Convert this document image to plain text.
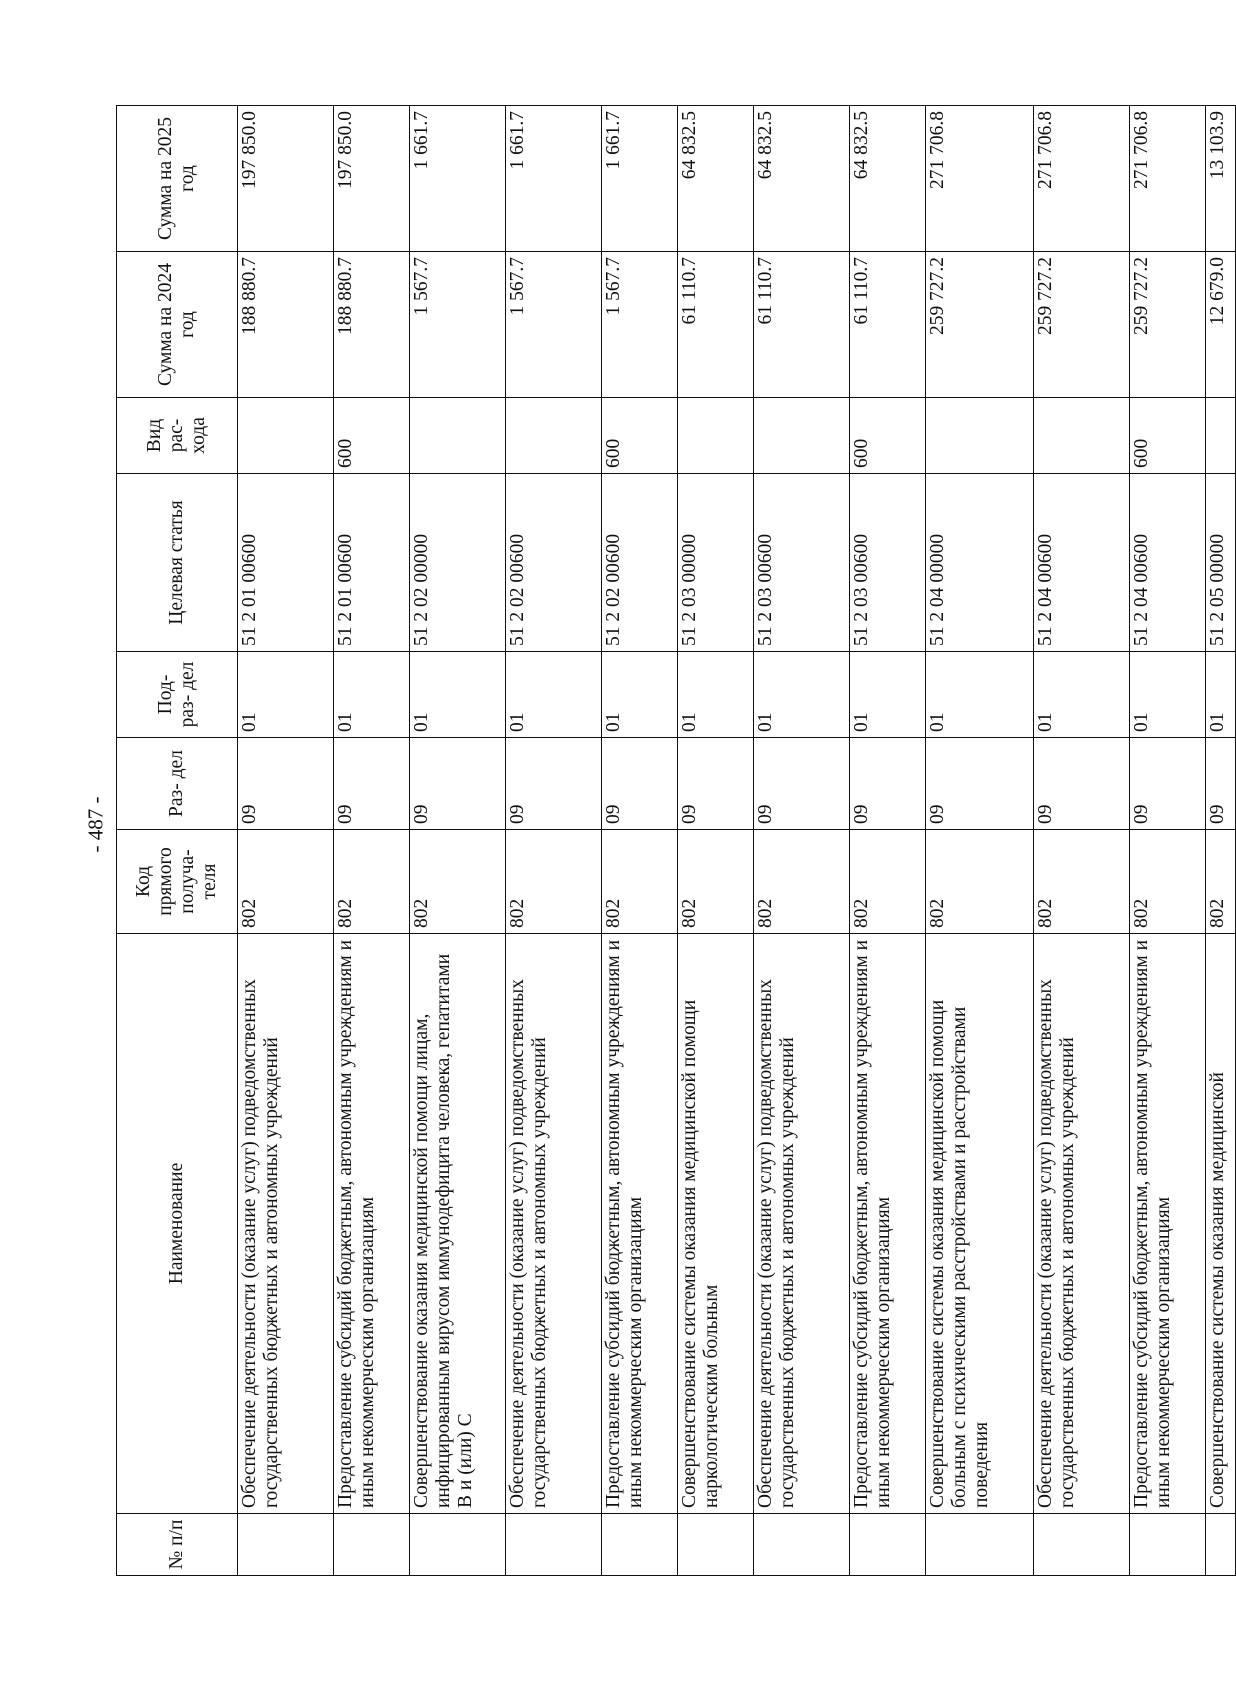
- 487 -
№ п/п	Наименование	Код прямого получа- теля	Раз- дел	Под- раз- дел	Целевая статья	Вид рас- хода	Сумма на 2024 год	Сумма на 2025 год
	Обеспечение деятельности (оказание услуг) подведомственных государственных бюджетных и автономных учреждений	802	09	01	51 2 01 00600		188 880.7	197 850.0
	Предоставление субсидий бюджетным, автономным учреждениям и иным некоммерческим организациям	802	09	01	51 2 01 00600	600	188 880.7	197 850.0
	Совершенствование оказания медицинской помощи лицам, инфицированным вирусом иммунодефицита человека, гепатитами В и (или) С	802	09	01	51 2 02 00000		1 567.7	1 661.7
	Обеспечение деятельности (оказание услуг) подведомственных государственных бюджетных и автономных учреждений	802	09	01	51 2 02 00600		1 567.7	1 661.7
	Предоставление субсидий бюджетным, автономным учреждениям и иным некоммерческим организациям	802	09	01	51 2 02 00600	600	1 567.7	1 661.7
	Совершенствование системы оказания медицинской помощи наркологическим больным	802	09	01	51 2 03 00000		61 110.7	64 832.5
	Обеспечение деятельности (оказание услуг) подведомственных государственных бюджетных и автономных учреждений	802	09	01	51 2 03 00600		61 110.7	64 832.5
	Предоставление субсидий бюджетным, автономным учреждениям и иным некоммерческим организациям	802	09	01	51 2 03 00600	600	61 110.7	64 832.5
	Совершенствование системы оказания медицинской помощи больным с психическими расстройствами и расстройствами поведения	802	09	01	51 2 04 00000		259 727.2	271 706.8
	Обеспечение деятельности (оказание услуг) подведомственных государственных бюджетных и автономных учреждений	802	09	01	51 2 04 00600		259 727.2	271 706.8
	Предоставление субсидий бюджетным, автономным учреждениям и иным некоммерческим организациям	802	09	01	51 2 04 00600	600	259 727.2	271 706.8
	Совершенствование системы оказания медицинской	802	09	01	51 2 05 00000		12 679.0	13 103.9
